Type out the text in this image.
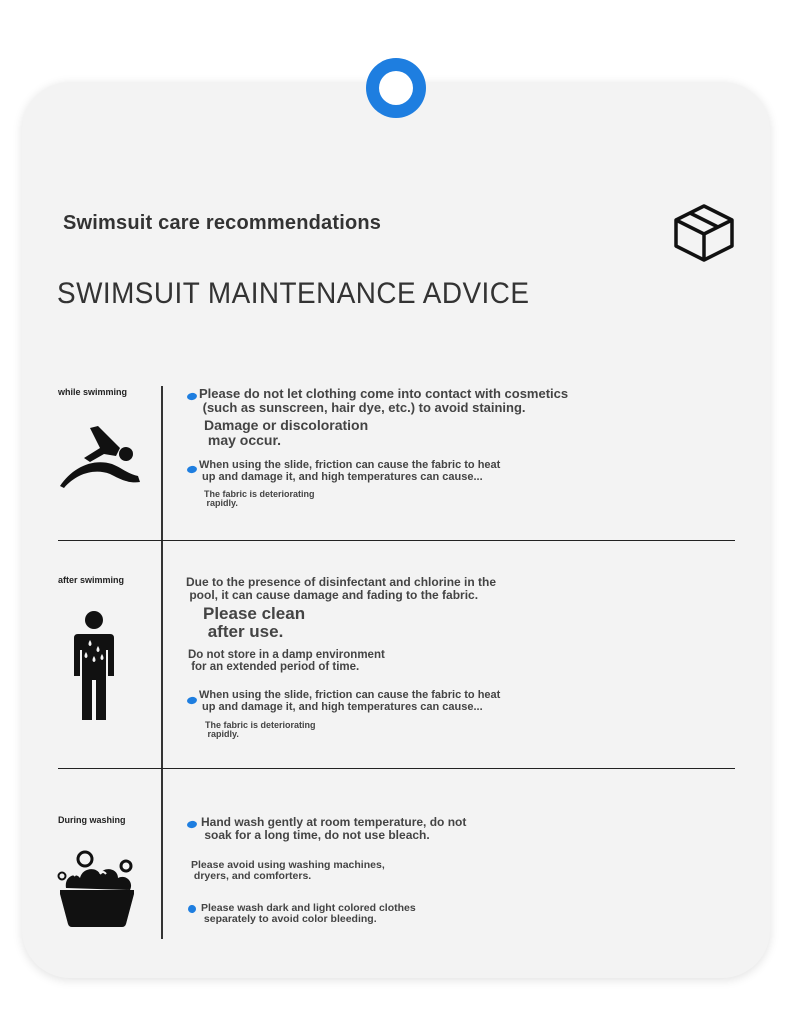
Swimsuit care recommendations
SWIMSUIT MAINTENANCE ADVICE
while swimming	Please do not let clothing come into contact with cosmetics
(such as sunscreen, hair dye, etc.) to avoid staining.
Damage or discoloration
may occur.
When using the slide, friction can cause the fabric to heat
up and damage it, and high temperatures can cause...
The fabric is deteriorating
rapidly.
after swimming	Due to the presence of disinfectant and chlorine in the
pool, it can cause damage and fading to the fabric.
Please clean
after use.
Do not store in a damp environment
for an extended period of time.
When using the slide, friction can cause the fabric to heat
up and damage it, and high temperatures can cause...
The fabric is deteriorating
rapidly.
During washing	Hand wash gently at room temperature, do not
soak for a long time, do not use bleach.
Please avoid using washing machines,
dryers, and comforters.
Please wash dark and light colored clothes
separately to avoid color bleeding.
